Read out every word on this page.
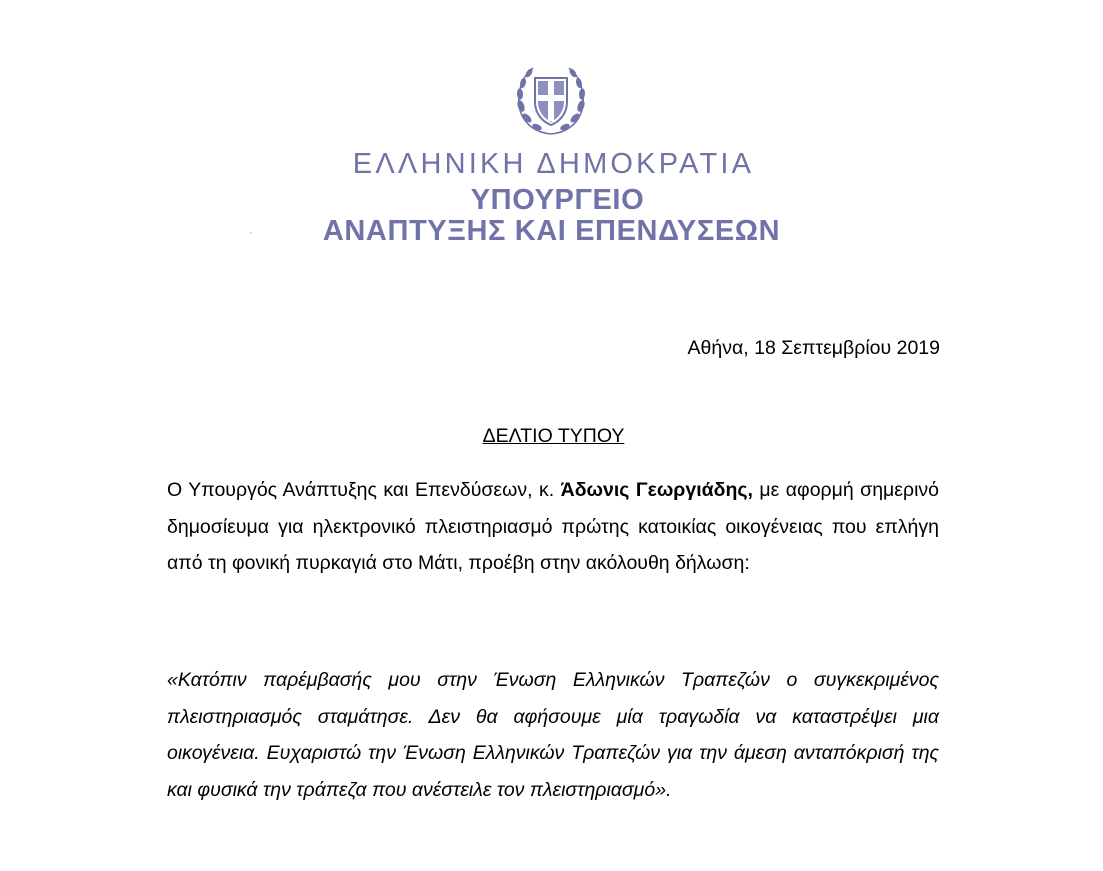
ΕΛΛΗΝΙΚΗ ΔΗΜΟΚΡΑΤΙΑ
ΥΠΟΥΡΓΕΙΟ
ΑΝΑΠΤΥΞΗΣ ΚΑΙ ΕΠΕΝΔΥΣΕΩΝ
Αθήνα, 18 Σεπτεμβρίου 2019
ΔΕΛΤΙΟ ΤΥΠΟΥ
Ο Υπουργός Ανάπτυξης και Επενδύσεων, κ. Άδωνις Γεωργιάδης, με αφορμή σημερινό δημοσίευμα για ηλεκτρονικό πλειστηριασμό πρώτης κατοικίας οικογένειας που επλήγη από τη φονική πυρκαγιά στο Μάτι, προέβη στην ακόλουθη δήλωση:
«Κατόπιν παρέμβασής μου στην Ένωση Ελληνικών Τραπεζών ο συγκεκριμένος πλειστηριασμός σταμάτησε. Δεν θα αφήσουμε μία τραγωδία να καταστρέψει μια οικογένεια. Ευχαριστώ την Ένωση Ελληνικών Τραπεζών για την άμεση ανταπόκρισή της και φυσικά την τράπεζα που ανέστειλε τον πλειστηριασμό».
